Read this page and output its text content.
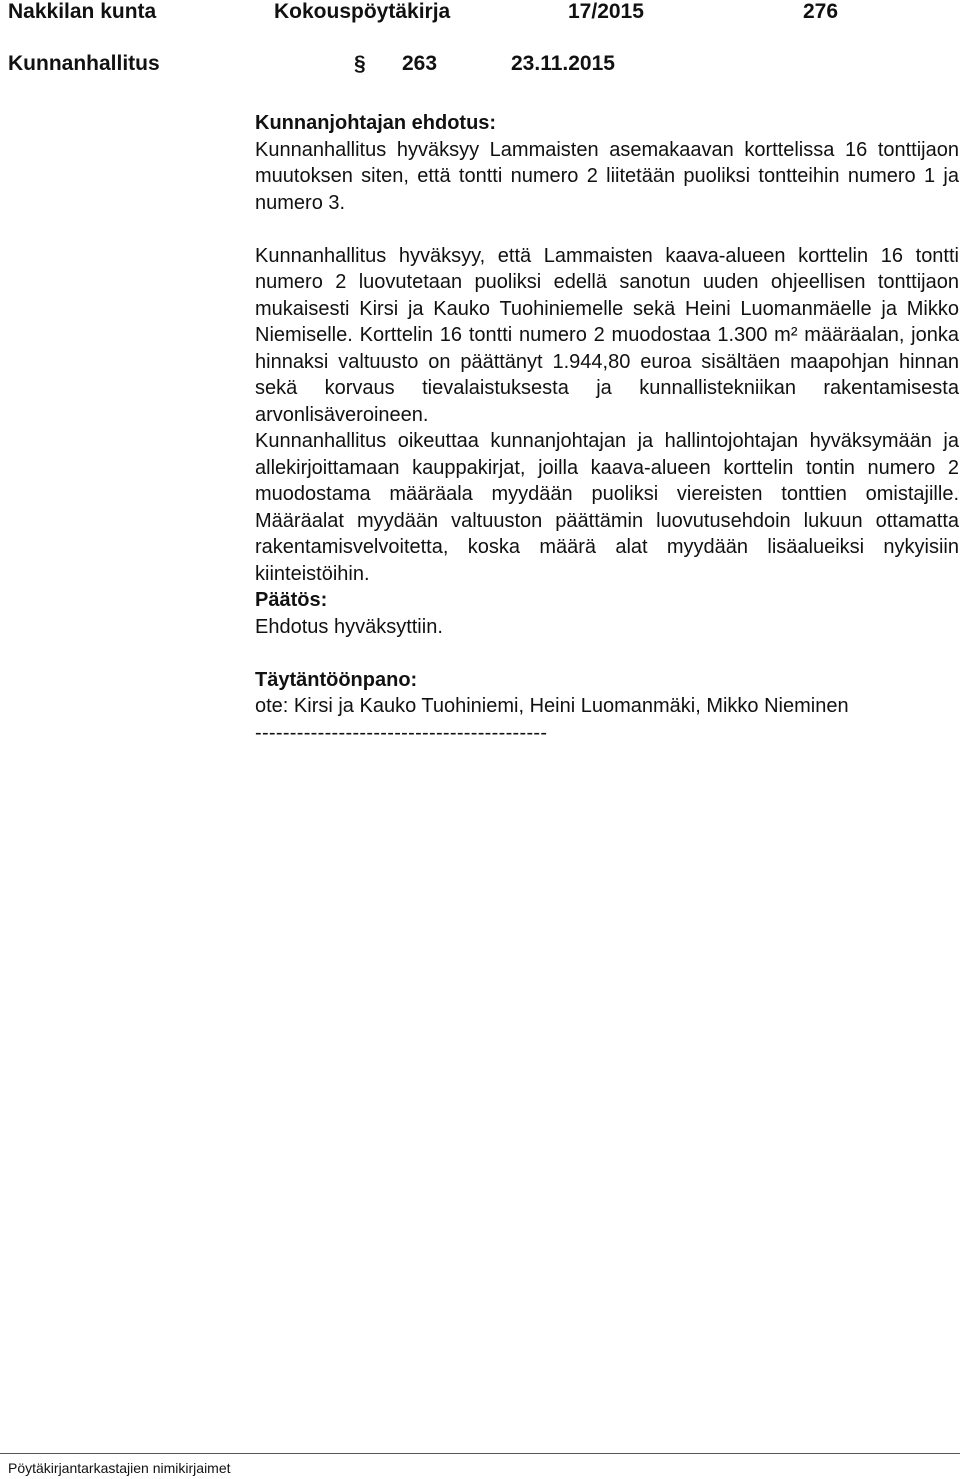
Nakkilan kunta	Kokouspöytäkirja	17/2015	276
Kunnanhallitus	§ 263	23.11.2015
Kunnanjohtajan ehdotus:

Kunnanhallitus hyväksyy Lammaisten asemakaavan korttelissa 16 tonttijaon muutoksen siten, että tontti numero 2 liitetään puoliksi tontteihin numero 1 ja numero 3.

Kunnanhallitus hyväksyy, että Lammaisten kaava-alueen korttelin 16 tontti numero 2 luovutetaan puoliksi edellä sanotun uuden ohjeellisen tonttijaon mukaisesti Kirsi ja Kauko Tuohiniemelle sekä Heini Luomanmäelle ja Mikko Niemiselle. Korttelin 16 tontti numero 2 muodostaa 1.300 m² määräalan, jonka hinnaksi valtuusto on päättänyt 1.944,80 euroa sisältäen maapohjan hinnan sekä korvaus tievalaistuksesta ja kunnallistekniikan rakentamisesta arvonlisäveroineen.

Kunnanhallitus oikeuttaa kunnanjohtajan ja hallintojohtajan hyväksymään ja allekirjoittamaan kauppakirjat, joilla kaava-alueen korttelin tontin numero 2 muodostama määräala myydään puoliksi viereisten tonttien omistajille. Määräalat myydään valtuuston päättämin luovutusehdoin lukuun ottamatta rakentamisvelvoitetta, koska määrä alat myydään lisäalueiksi nykyisiin kiinteistöihin.

Päätös:

Ehdotus hyväksyttiin.

Täytäntöönpano:

ote: Kirsi ja Kauko Tuohiniemi, Heini Luomanmäki, Mikko Nieminen

------------------------------------------

Pöytäkirjantarkastajien nimikirjaimet
